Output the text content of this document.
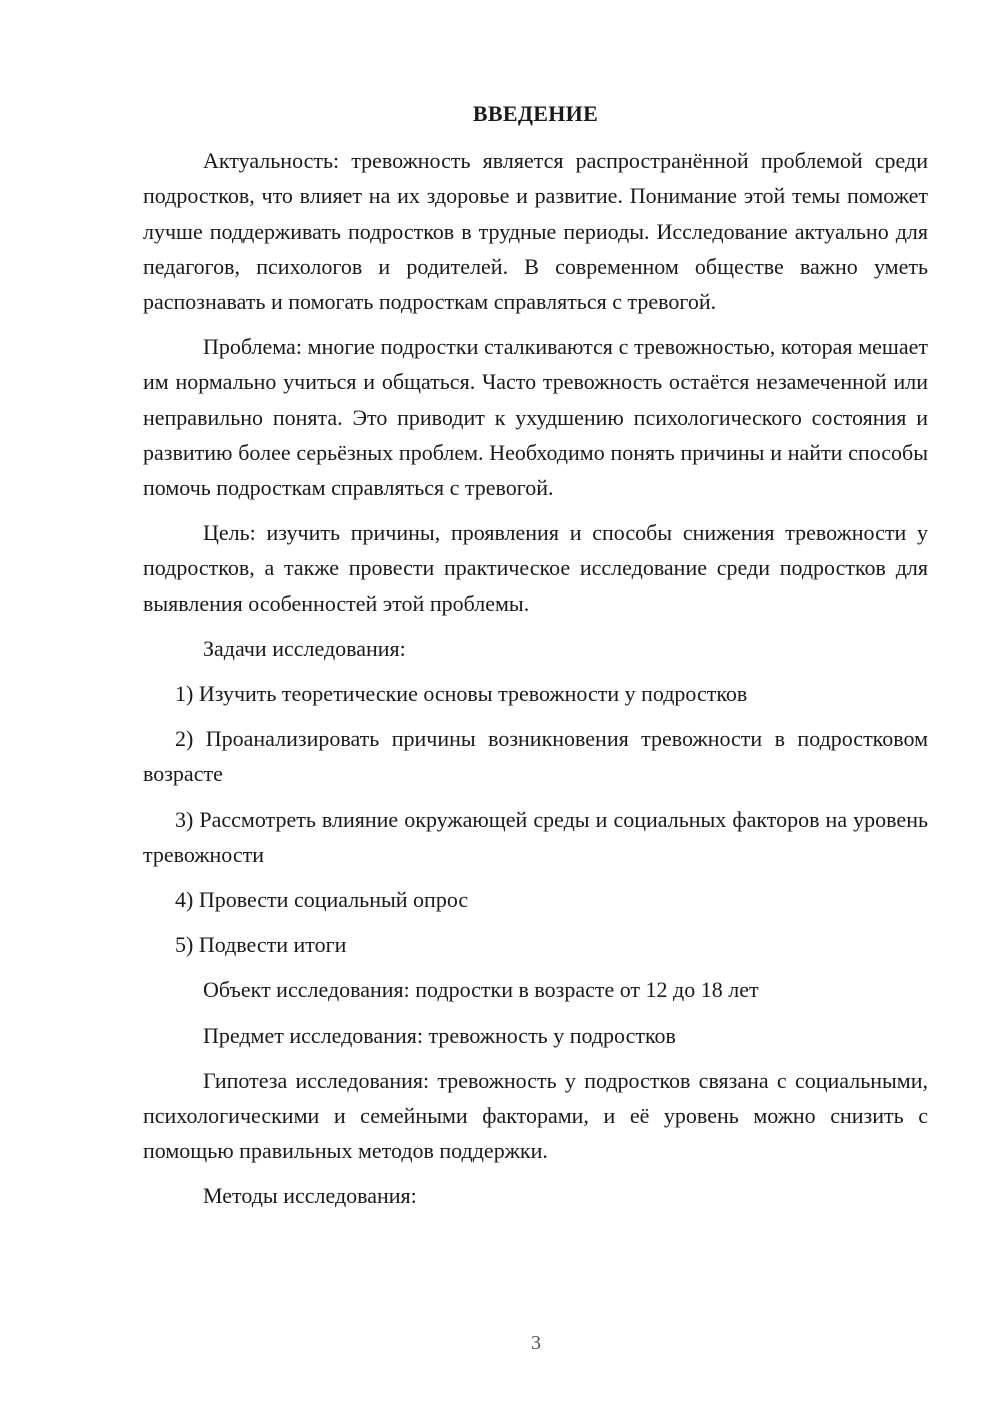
ВВЕДЕНИЕ

Актуальность: тревожность является распространённой проблемой среди подростков, что влияет на их здоровье и развитие. Понимание этой темы поможет лучше поддерживать подростков в трудные периоды. Исследование актуально для педагогов, психологов и родителей. В современном обществе важно уметь распознавать и помогать подросткам справляться с тревогой.

Проблема: многие подростки сталкиваются с тревожностью, которая мешает им нормально учиться и общаться. Часто тревожность остаётся незамеченной или неправильно понята. Это приводит к ухудшению психологического состояния и развитию более серьёзных проблем. Необходимо понять причины и найти способы помочь подросткам справляться с тревогой.

Цель: изучить причины, проявления и способы снижения тревожности у подростков, а также провести практическое исследование среди подростков для выявления особенностей этой проблемы.

Задачи исследования:

1) Изучить теоретические основы тревожности у подростков

2) Проанализировать причины возникновения тревожности в подростковом возрасте

3) Рассмотреть влияние окружающей среды и социальных факторов на уровень тревожности

4) Провести социальный опрос

5) Подвести итоги

Объект исследования: подростки в возрасте от 12 до 18 лет

Предмет исследования: тревожность у подростков

Гипотеза исследования: тревожность у подростков связана с социальными, психологическими и семейными факторами, и её уровень можно снизить с помощью правильных методов поддержки.

Методы исследования:

3
